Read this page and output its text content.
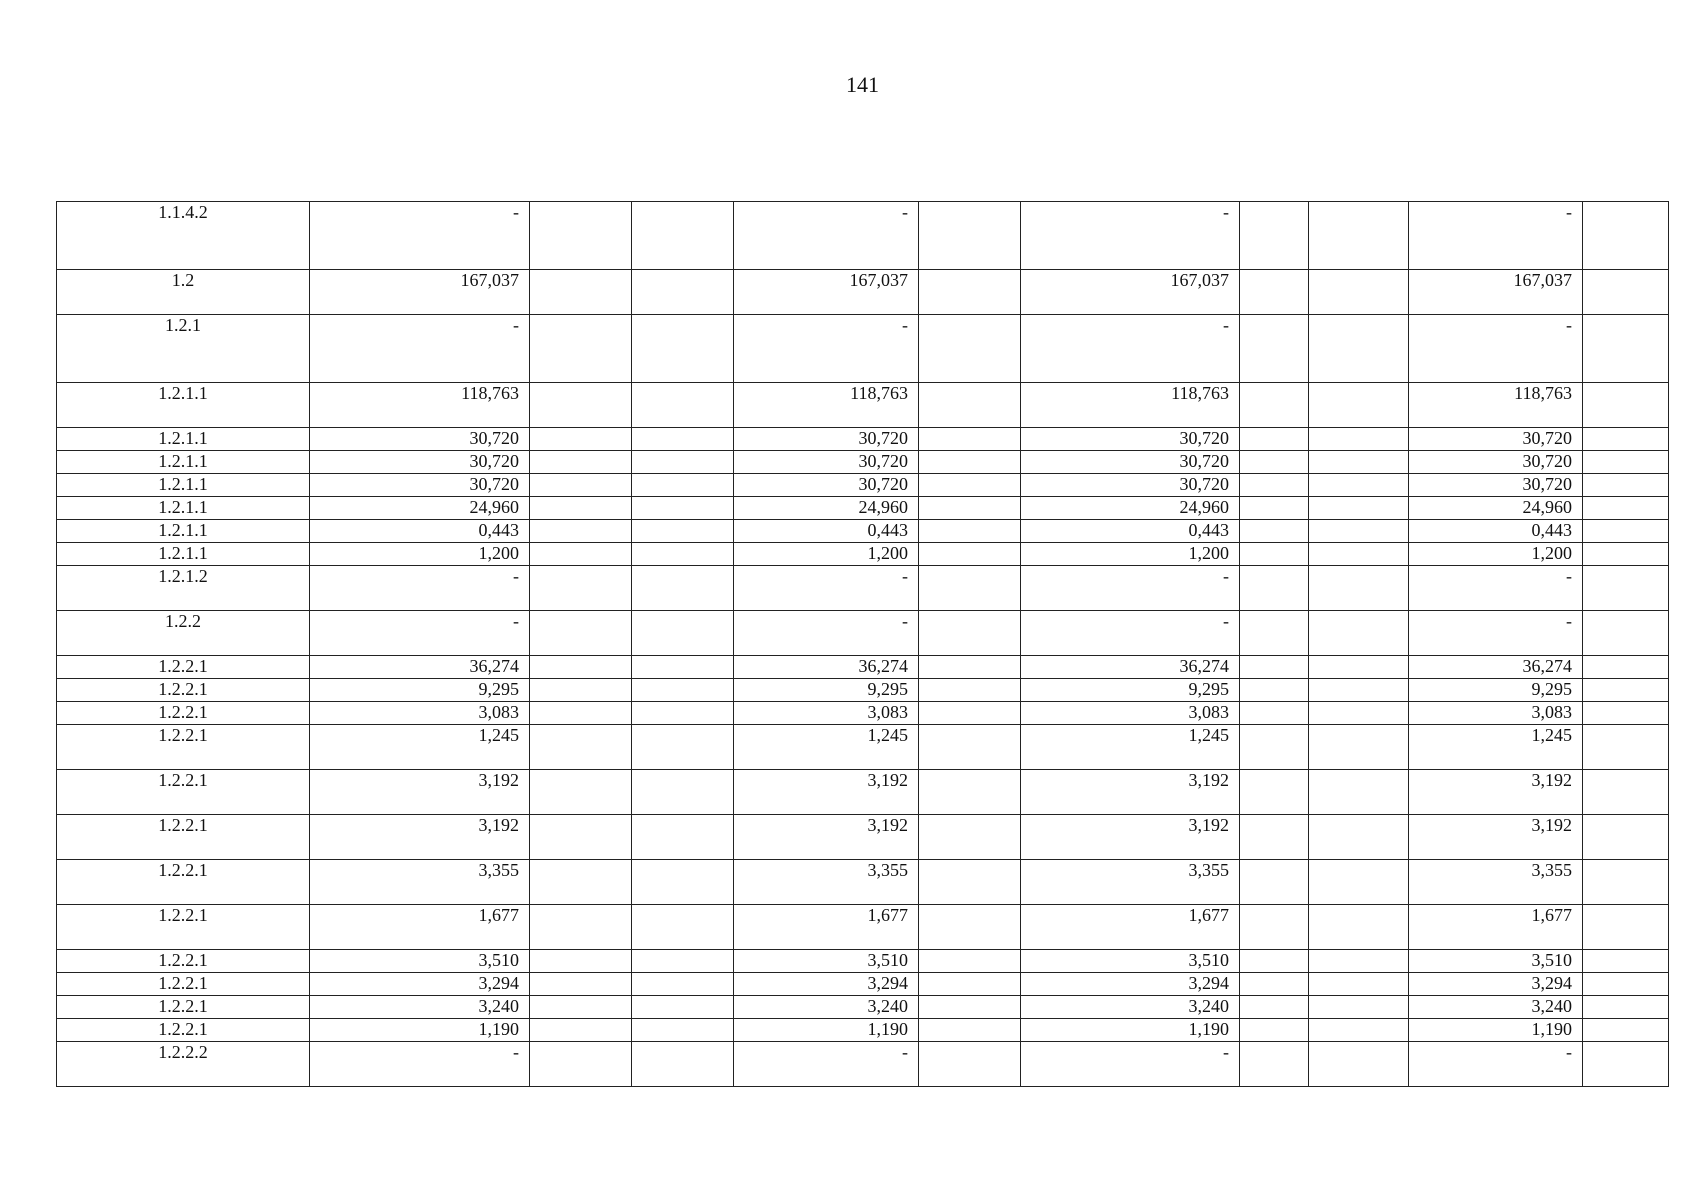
141
1.1.4.2	-			-		-			-	
1.2	167,037			167,037		167,037			167,037	
1.2.1	-			-		-			-	
1.2.1.1	118,763			118,763		118,763			118,763	
1.2.1.1	30,720			30,720		30,720			30,720	
1.2.1.1	30,720			30,720		30,720			30,720	
1.2.1.1	30,720			30,720		30,720			30,720	
1.2.1.1	24,960			24,960		24,960			24,960	
1.2.1.1	0,443			0,443		0,443			0,443	
1.2.1.1	1,200			1,200		1,200			1,200	
1.2.1.2	-			-		-			-	
1.2.2	-			-		-			-	
1.2.2.1	36,274			36,274		36,274			36,274	
1.2.2.1	9,295			9,295		9,295			9,295	
1.2.2.1	3,083			3,083		3,083			3,083	
1.2.2.1	1,245			1,245		1,245			1,245	
1.2.2.1	3,192			3,192		3,192			3,192	
1.2.2.1	3,192			3,192		3,192			3,192	
1.2.2.1	3,355			3,355		3,355			3,355	
1.2.2.1	1,677			1,677		1,677			1,677	
1.2.2.1	3,510			3,510		3,510			3,510	
1.2.2.1	3,294			3,294		3,294			3,294	
1.2.2.1	3,240			3,240		3,240			3,240	
1.2.2.1	1,190			1,190		1,190			1,190	
1.2.2.2	-			-		-			-	
